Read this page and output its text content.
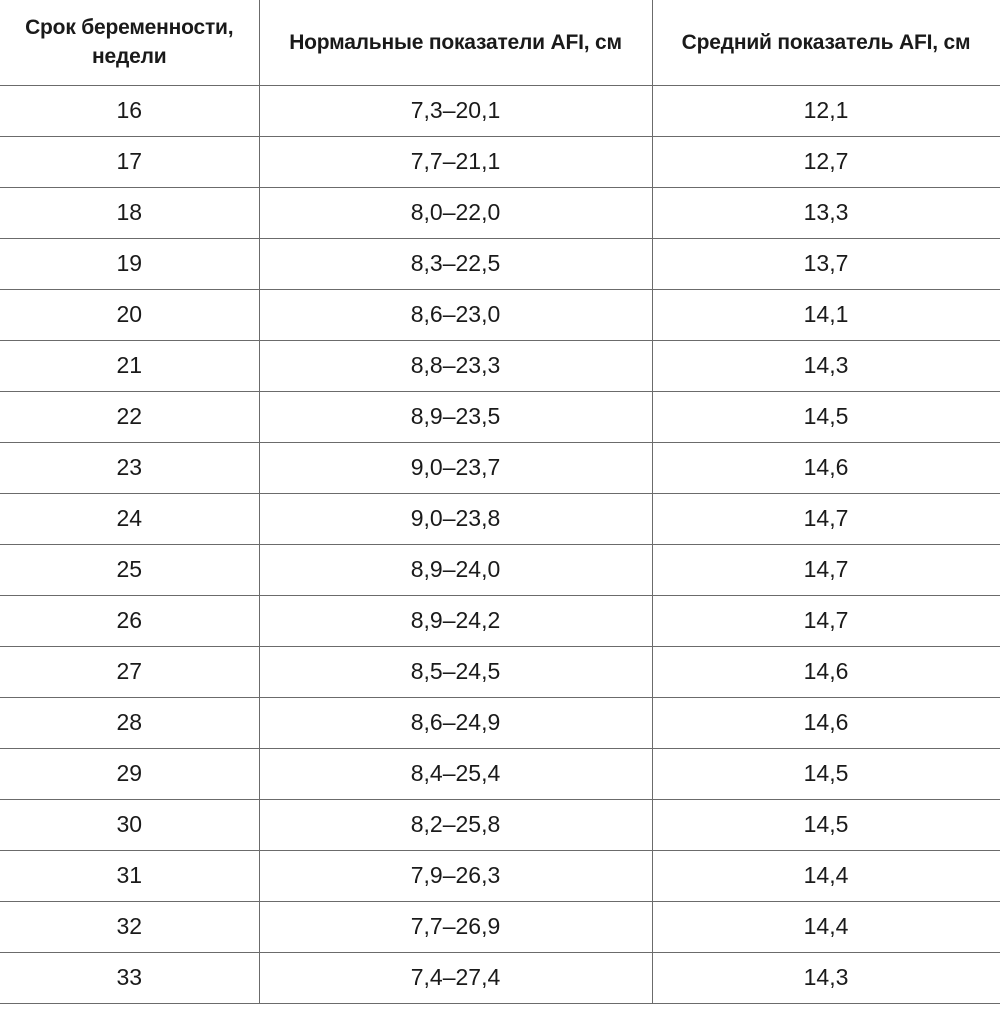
Срок беременности, недели	Нормальные показатели AFI, см	Средний показатель AFI, см
16	7,3–20,1	12,1
17	7,7–21,1	12,7
18	8,0–22,0	13,3
19	8,3–22,5	13,7
20	8,6–23,0	14,1
21	8,8–23,3	14,3
22	8,9–23,5	14,5
23	9,0–23,7	14,6
24	9,0–23,8	14,7
25	8,9–24,0	14,7
26	8,9–24,2	14,7
27	8,5–24,5	14,6
28	8,6–24,9	14,6
29	8,4–25,4	14,5
30	8,2–25,8	14,5
31	7,9–26,3	14,4
32	7,7–26,9	14,4
33	7,4–27,4	14,3
